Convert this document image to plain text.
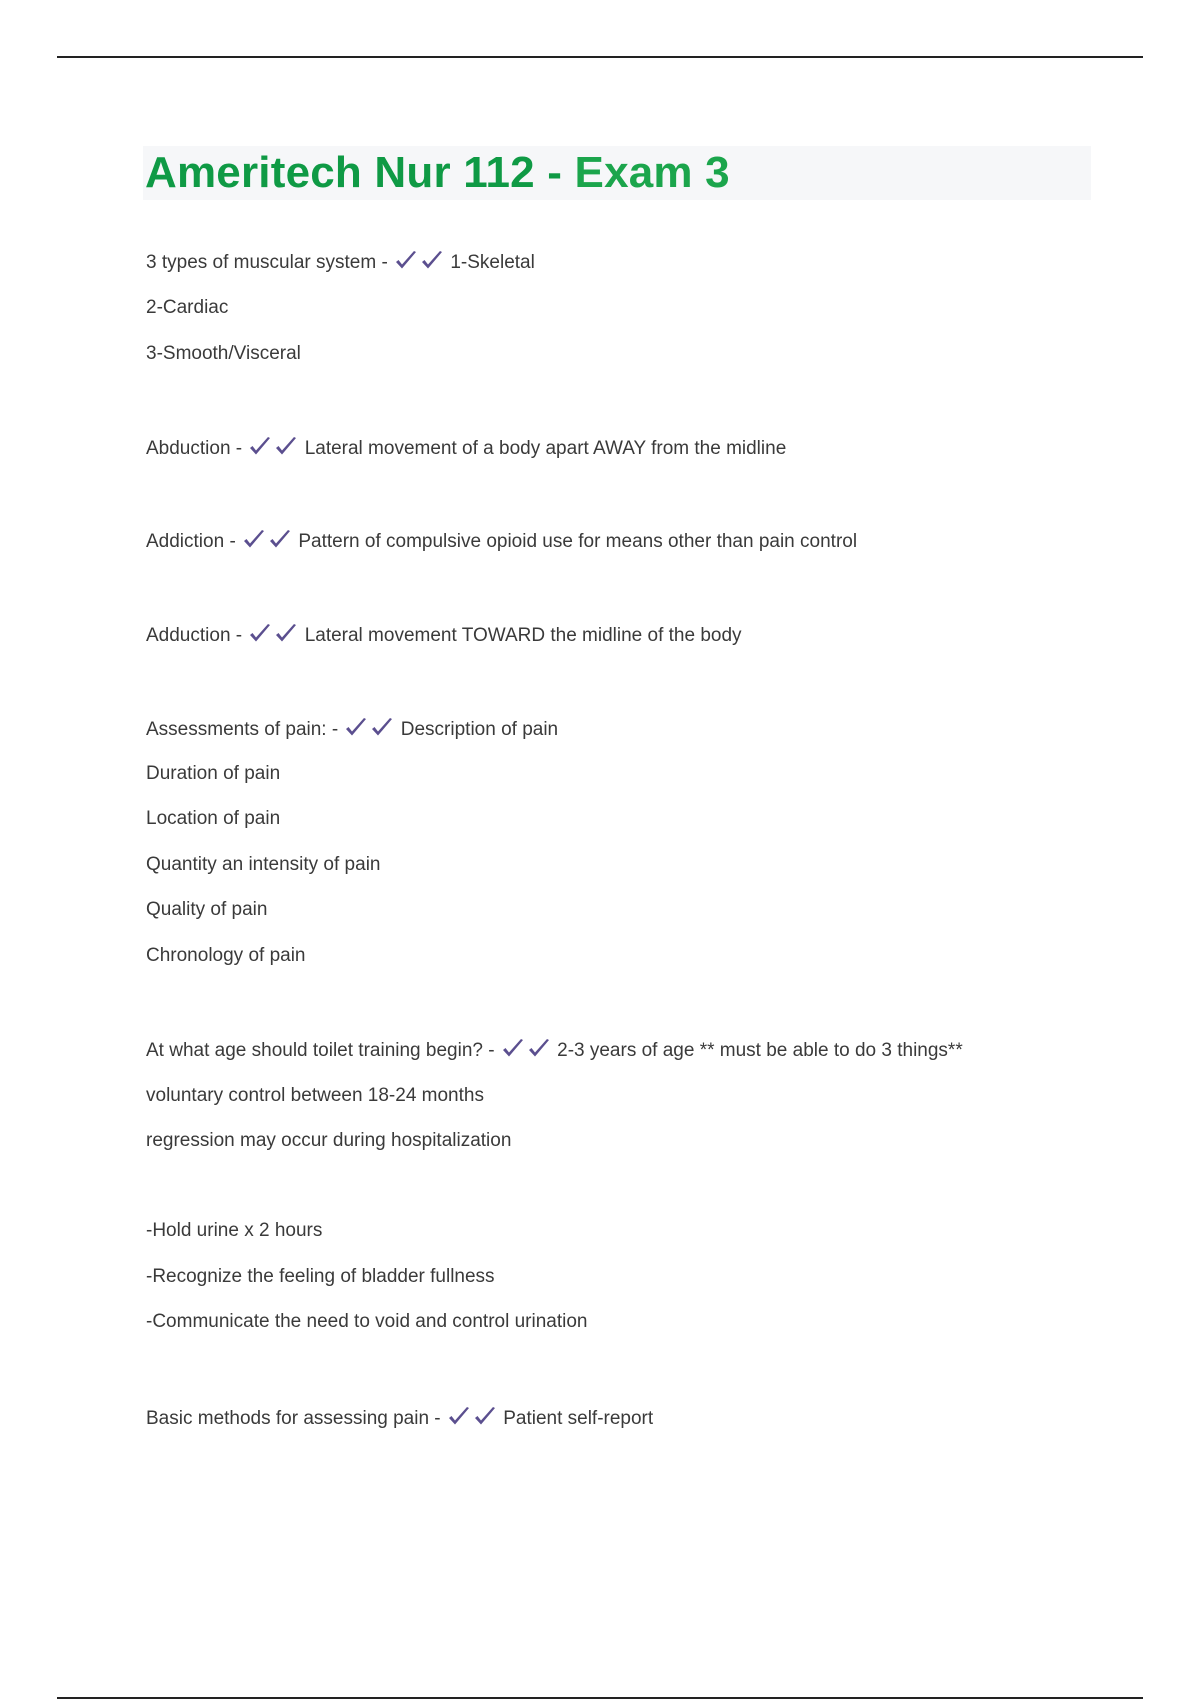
Ameritech Nur 112 - Exam 3
3 types of muscular system -	1-Skeletal
2-Cardiac
3-Smooth/Visceral
Abduction -	Lateral movement of a body apart AWAY from the midline
Addiction -	Pattern of compulsive opioid use for means other than pain control
Adduction -	Lateral movement TOWARD the midline of the body
Assessments of pain: -	Description of pain
Duration of pain
Location of pain
Quantity an intensity of pain
Quality of pain
Chronology of pain
At what age should toilet training begin? -	2-3 years of age ** must be able to do 3 things**
voluntary control between 18-24 months
regression may occur during hospitalization
-Hold urine x 2 hours
-Recognize the feeling of bladder fullness
-Communicate the need to void and control urination
Basic methods for assessing pain -	Patient self-report
